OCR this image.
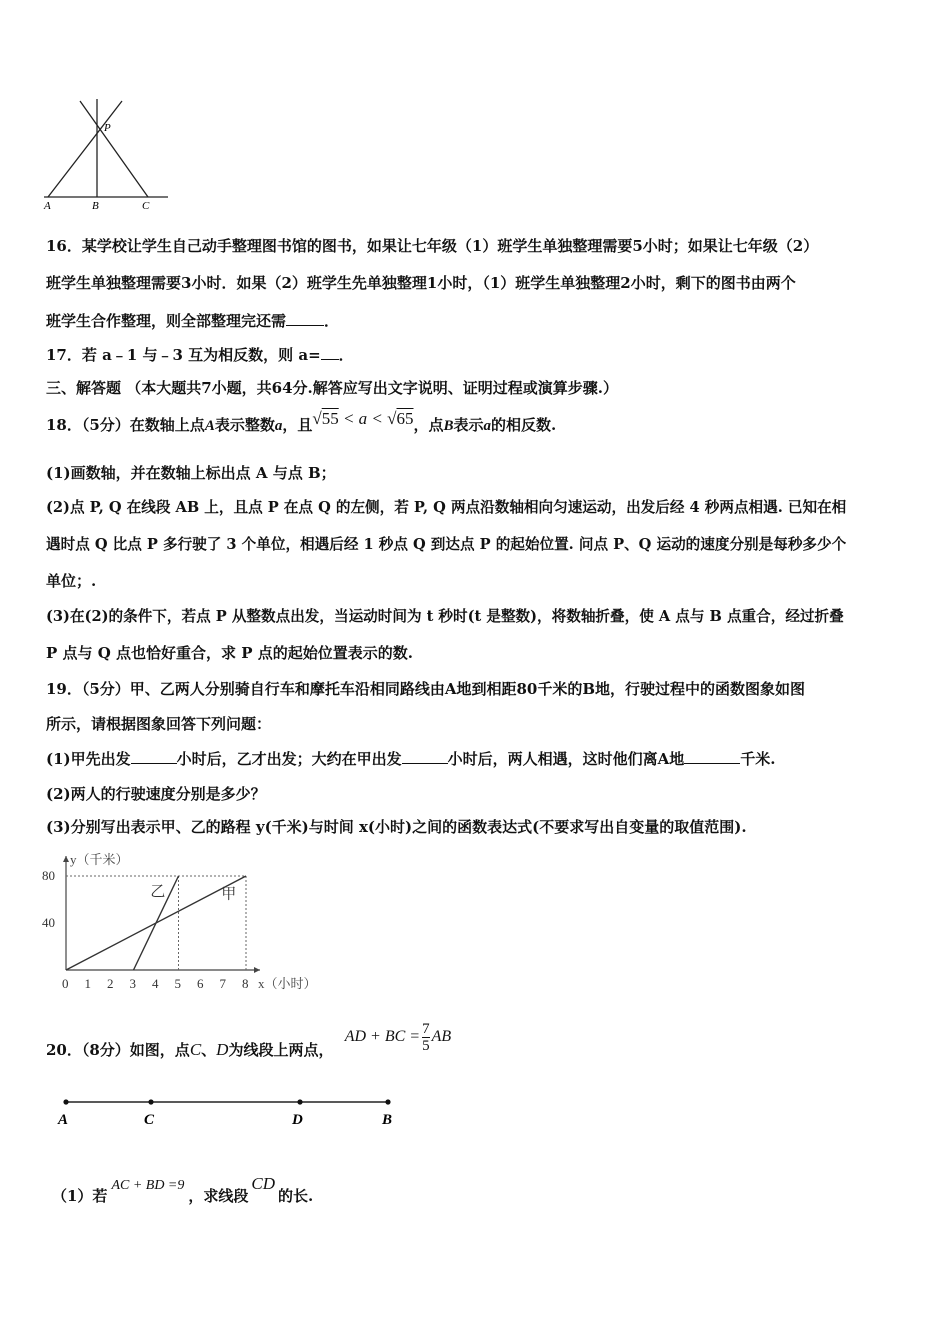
P
A	B	C
16．某学校让学生自己动手整理图书馆的图书，如果让七年级（1）班学生单独整理需要5小时；如果让七年级（2）
班学生单独整理需要3小时．如果（2）班学生先单独整理1小时，（1）班学生单独整理2小时，剩下的图书由两个
班学生合作整理，则全部整理完还需	．
17．若 a﹣1 与﹣3 互为相反数，则 a= ．
三、解答题 （本大题共7小题，共64分.解答应写出文字说明、证明过程或演算步骤.）
18．（5分）在数轴上点A表示整数a，且√55 < a < √65，点B表示a的相反数.
(1)画数轴，并在数轴上标出点 A 与点 B；
(2)点 P, Q 在线段 AB 上，且点 P 在点 Q 的左侧，若 P, Q 两点沿数轴相向匀速运动，出发后经 4 秒两点相遇. 已知在相
遇时点 Q 比点 P 多行驶了 3 个单位，相遇后经 1 秒点 Q 到达点 P 的起始位置. 问点 P、Q 运动的速度分别是每秒多少个
单位；.
(3)在(2)的条件下，若点 P 从整数点出发，当运动时间为 t 秒时(t 是整数)，将数轴折叠，使 A 点与 B 点重合，经过折叠
P 点与 Q 点也恰好重合，求 P 点的起始位置表示的数.
19．（5分）甲、乙两人分别骑自行车和摩托车沿相同路线由A地到相距80千米的B地，行驶过程中的函数图象如图
所示，请根据图象回答下列问题：
(1)甲先出发	小时后，乙才出发；大约在甲出发	小时后，两人相遇，这时他们离A地	千米.
(2)两人的行驶速度分别是多少？
(3)分别写出表示甲、乙的路程 y(千米)与时间 x(小时)之间的函数表达式(不要求写出自变量的取值范围).
y（千米）
x（小时）
0 1 2 3 4 5 6 7 8
40
80
甲
乙
20．（8分）如图，点C、D为线段上两点， AD + BC = $\frac{7}{5}$ AB
A	C	D	B
（1）若AC + BD =9，求线段CD的长.
